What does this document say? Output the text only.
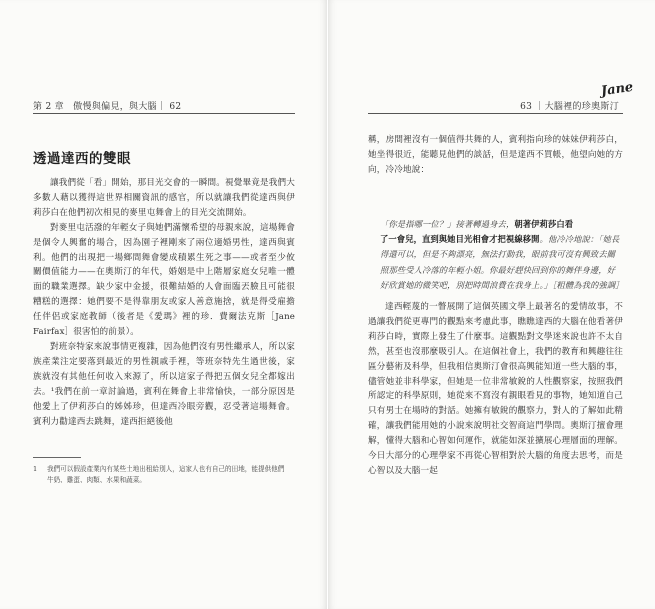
第 2 章　傲慢與偏見，與大腦｜ 62
透過達西的雙眼

讓我們從「看」開始，那目光交會的一瞬間。視覺畢竟是我們大多數人藉以獲得這世界相關資訊的感官，所以就讓我們從達西與伊莉莎白在他們初次相見的麥里屯舞會上的目光交流開始。

對麥里屯活潑的年輕女子與她們滿懷希望的母親來說，這場舞會是個令人興奮的場合，因為園子裡剛來了兩位適婚男性，達西與賓利。他們的出現把一場鄉間舞會變成積累生死之事——或者至少攸關價值能力——在奧斯汀的年代，婚姻是中上階層家庭女兒唯一體面的職業選擇。缺少家中金援，很難結婚的人會面臨丟臉且可能很糟糕的選擇：她們要不是得靠朋友或家人善意施捨，就是得受雇擔任伴侶或家庭教師（後者是《愛瑪》裡的珍．費爾法克斯［Jane Fairfax］很害怕的前景）。

對班奈特家來說事情更複雜，因為他們沒有男性繼承人，所以家族產業注定要落到最近的男性親戚手裡，等班奈特先生過世後，家族就沒有其他任何收入來源了，所以這家子得把五個女兒全都嫁出去。¹我們在前一章討論過，賓利在舞會上非常愉快，一部分原因是他愛上了伊莉莎白的姊姊珍，但達西冷眼旁觀，忍受著這場舞會。賓利力勸達西去跳舞，達西拒絕後他

1 我們可以假設產業內有某些土地出租給別人，這家人也有自己的田地，能提供他們
牛奶、雞蛋、肉類、水果和蔬菜。
63 ｜大腦裡的珍奧斯汀
Jane

稱，房間裡沒有一個值得共舞的人，賓利指向珍的妹妹伊莉莎白，她坐得很近，能聽見他們的談話，但是達西不買帳，他望向她的方向，冷冷地說：

「你是指哪一位？」接著轉過身去，朝著伊莉莎白看
了一會兒，直到與她目光相會才把視線移開。他冷冷地說：「她長得還可以，但是不夠漂亮，無法打動我，眼前我可沒有興致去關照那些受人冷落的年輕小姐。你最好趕快回到你的舞伴身邊，好好欣賞她的微笑吧，別把時間浪費在我身上。」［粗體為我的強調］

達西輕蔑的一瞥展開了這個英國文學上最著名的愛情故事，不過讓我們從更專門的觀點來考慮此事，瞧瞧達西的大腦在他看著伊莉莎白時，實際上發生了什麼事。這觀點對文學迷來說也許不太自然，甚至也沒那麼吸引人。在這個社會上，我們的教育和興趣往往區分藝術及科學，但我相信奧斯汀會很高興能知道一些大腦的事，儘管她並非科學家，但她是一位非常敏銳的人性觀察家，按照我們所認定的科學原則，她從來不寫沒有親眼看見的事物，她知道自己只有男士在場時的對話。她擁有敏銳的觀察力，對人的了解如此精確，讓我們能用她的小說來說明社交智商這門學問。奧斯汀擅會理解，懂得大腦和心智如何運作，就能如深並擴展心理層面的理解。今日大部分的心理學家不再從心智相對於大腦的角度去思考，而是心智以及大腦一起
